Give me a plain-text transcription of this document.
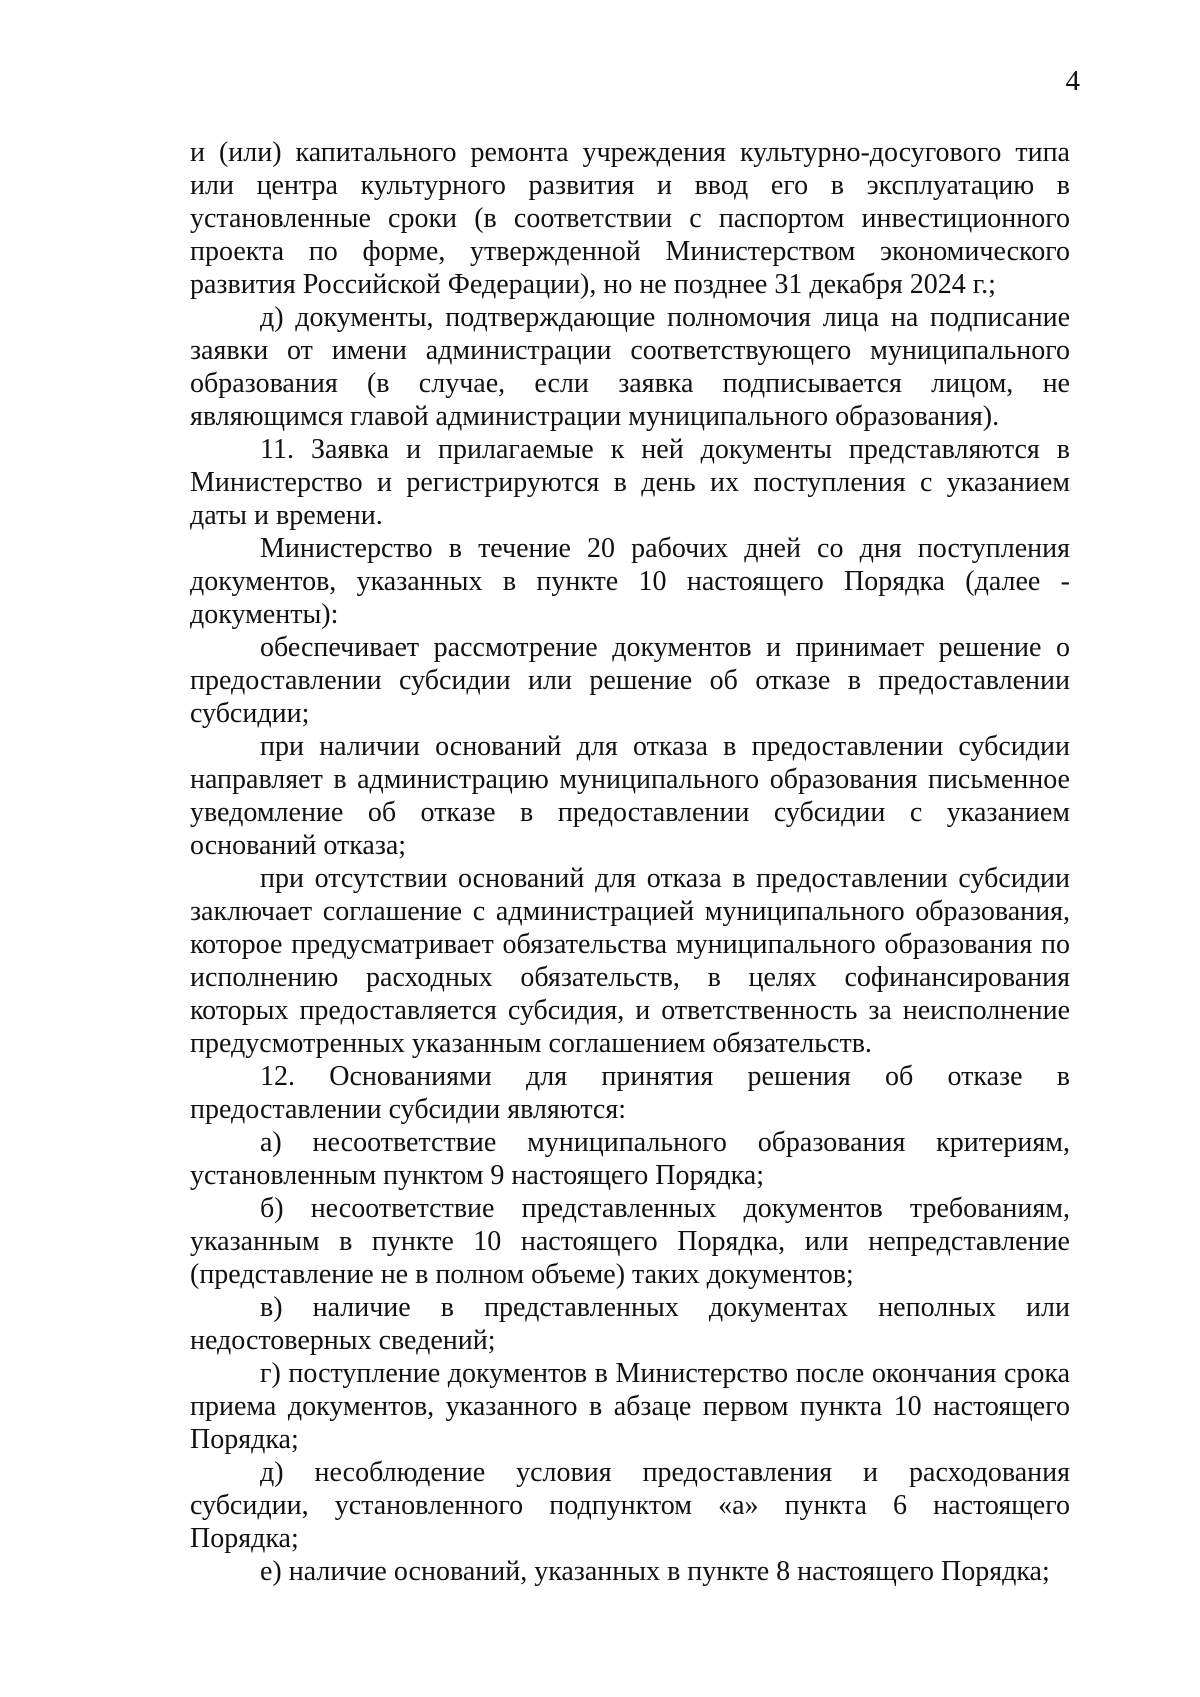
4

и (или) капитального ремонта учреждения культурно-досугового типа или центра культурного развития и ввод его в эксплуатацию в установленные сроки (в соответствии с паспортом инвестиционного проекта по форме, утвержденной Министерством экономического развития Российской Федерации), но не позднее 31 декабря 2024 г.;

д) документы, подтверждающие полномочия лица на подписание заявки от имени администрации соответствующего муниципального образования (в случае, если заявка подписывается лицом, не являющимся главой администрации муниципального образования).

11. Заявка и прилагаемые к ней документы представляются в Министерство и регистрируются в день их поступления с указанием даты и времени.

Министерство в течение 20 рабочих дней со дня поступления документов, указанных в пункте 10 настоящего Порядка (далее - документы):

обеспечивает рассмотрение документов и принимает решение о предоставлении субсидии или решение об отказе в предоставлении субсидии;

при наличии оснований для отказа в предоставлении субсидии направляет в администрацию муниципального образования письменное уведомление об отказе в предоставлении субсидии с указанием оснований отказа;

при отсутствии оснований для отказа в предоставлении субсидии заключает соглашение с администрацией муниципального образования, которое предусматривает обязательства муниципального образования по исполнению расходных обязательств, в целях софинансирования которых предоставляется субсидия, и ответственность за неисполнение предусмотренных указанным соглашением обязательств.

12. Основаниями для принятия решения об отказе в предоставлении субсидии являются:

а) несоответствие муниципального образования критериям, установленным пунктом 9 настоящего Порядка;

б) несоответствие представленных документов требованиям, указанным в пункте 10 настоящего Порядка, или непредставление (представление не в полном объеме) таких документов;

в) наличие в представленных документах неполных или недостоверных сведений;

г) поступление документов в Министерство после окончания срока приема документов, указанного в абзаце первом пункта 10 настоящего Порядка;

д) несоблюдение условия предоставления и расходования субсидии, установленного подпунктом «а» пункта 6 настоящего Порядка;

е) наличие оснований, указанных в пункте 8 настоящего Порядка;
